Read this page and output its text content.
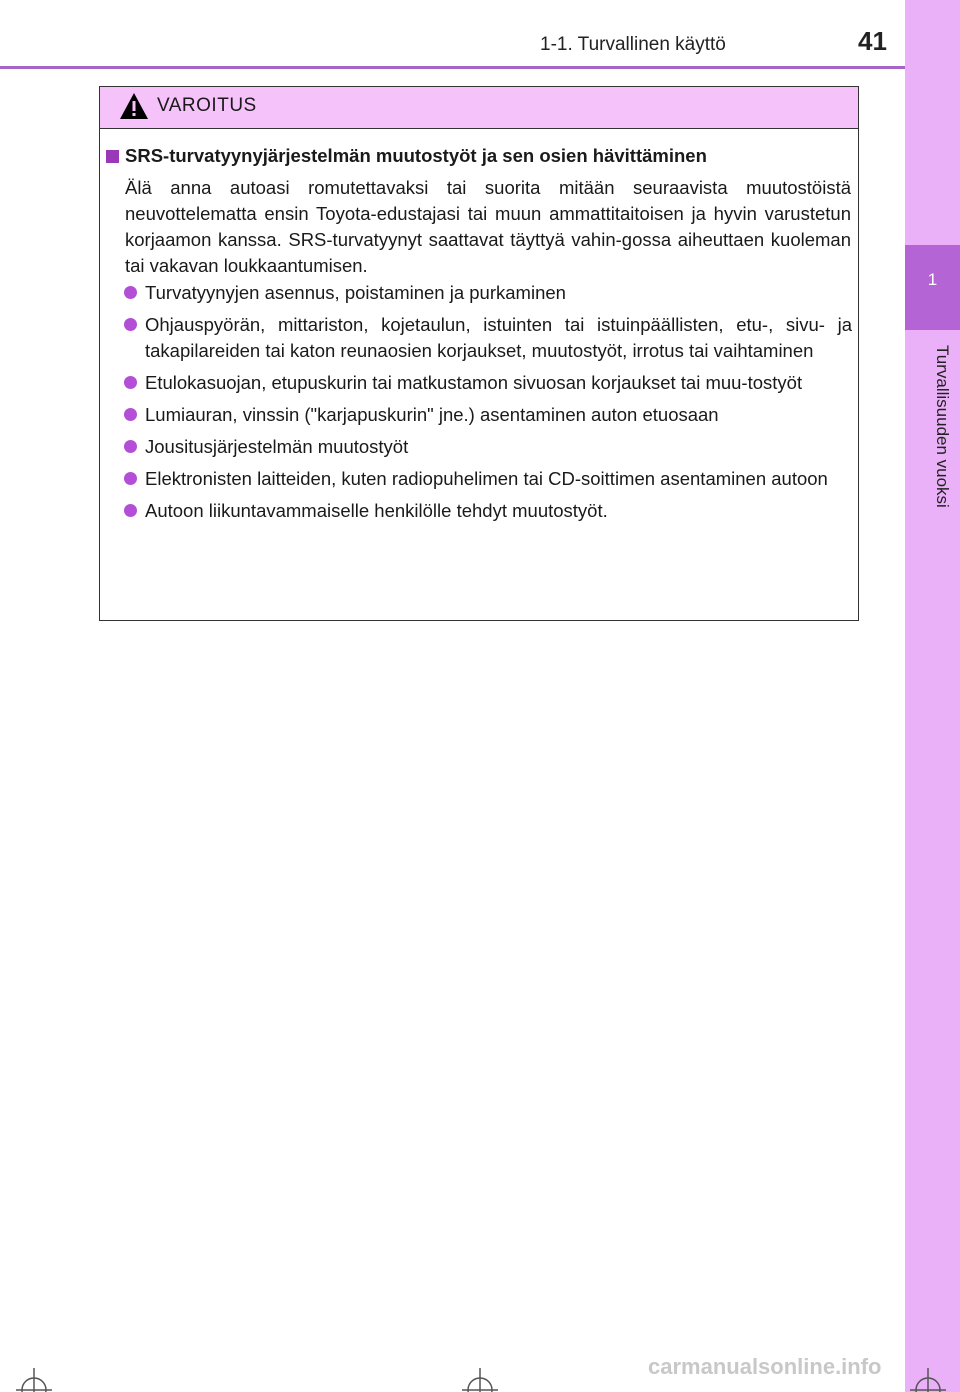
1-1. Turvallinen käyttö	41
1
Turvallisuuden vuoksi
VAROITUS
SRS-turvatyynyjärjestelmän muutostyöt ja sen osien hävittäminen
Älä anna autoasi romutettavaksi tai suorita mitään seuraavista muutostöistä neuvottelematta ensin Toyota-edustajasi tai muun ammattitaitoisen ja hyvin varustetun korjaamon kanssa. SRS-turvatyynyt saattavat täyttyä vahin-gossa aiheuttaen kuoleman tai vakavan loukkaantumisen.
Turvatyynyjen asennus, poistaminen ja purkaminen
Ohjauspyörän, mittariston, kojetaulun, istuinten tai istuinpäällisten, etu-, sivu- ja takapilareiden tai katon reunaosien korjaukset, muutostyöt, irrotus tai vaihtaminen
Etulokasuojan, etupuskurin tai matkustamon sivuosan korjaukset tai muu-tostyöt
Lumiauran, vinssin ("karjapuskurin" jne.) asentaminen auton etuosaan
Jousitusjärjestelmän muutostyöt
Elektronisten laitteiden, kuten radiopuhelimen tai CD-soittimen asentaminen autoon
Autoon liikuntavammaiselle henkilölle tehdyt muutostyöt.
carmanualsonline.info
